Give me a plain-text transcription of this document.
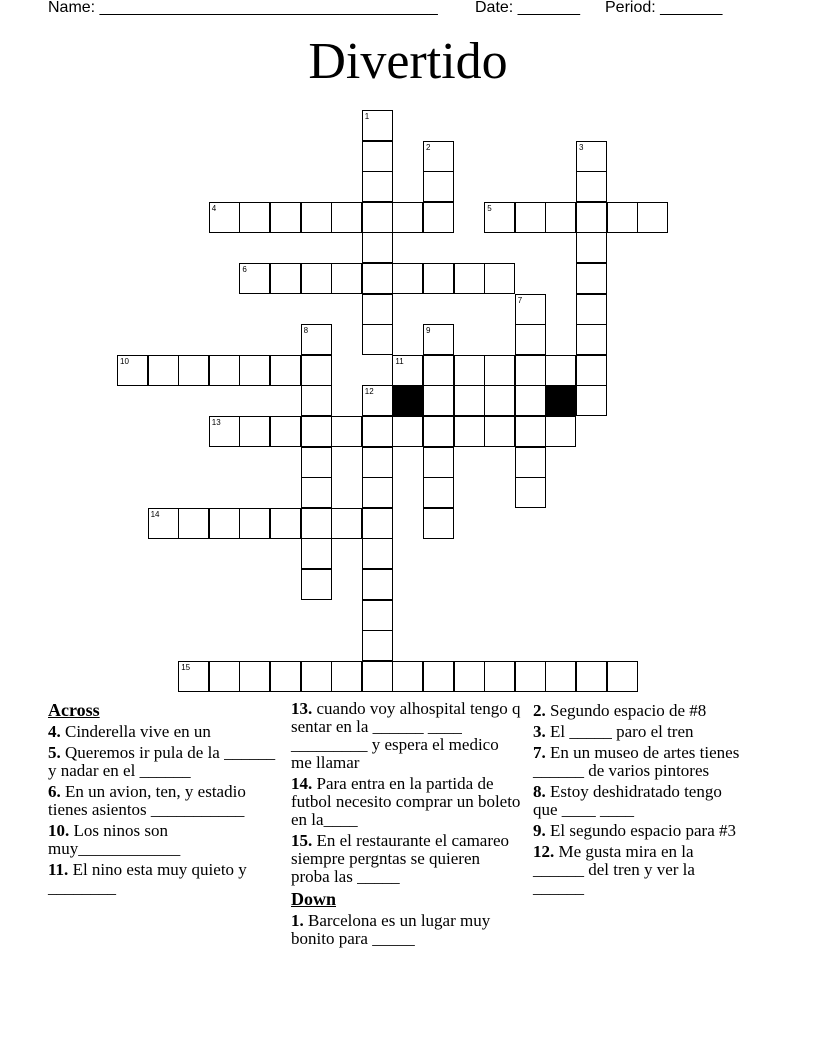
Name: ______________________________________ Date: _______ Period: _______
Divertido
1
2	3
4	5
6
7
8	9
10	11
12
13
14
15
Across
4. Cinderella vive en un
5. Queremos ir pula de la ______ y nadar en el ______
6. En un avion, ten, y estadio tienes asientos ___________
10. Los ninos son muy____________
11. El nino esta muy quieto y ________
13. cuando voy alhospital tengo q sentar en la ______ ____ _________ y espera el medico me llamar
14. Para entra en la partida de futbol necesito comprar un boleto en la____
15. En el restaurante el camareo siempre pergntas se quieren proba las _____
Down
1. Barcelona es un lugar muy bonito para _____
2. Segundo espacio de #8
3. El _____ paro el tren
7. En un museo de artes tienes ______ de varios pintores
8. Estoy deshidratado tengo que ____ ____
9. El segundo espacio para #3
12. Me gusta mira en la ______ del tren y ver la ______
